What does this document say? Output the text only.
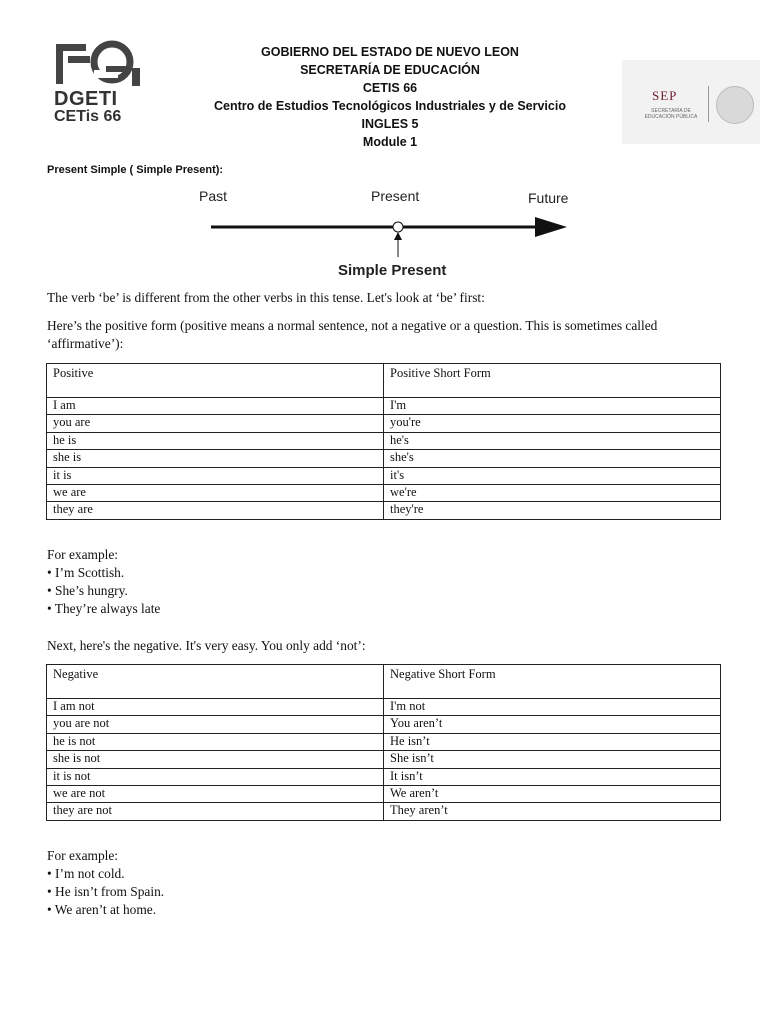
DGETI
CETis 66
GOBIERNO DEL ESTADO DE NUEVO LEON
SECRETARÍA DE EDUCACIÓN
CETIS 66
Centro de Estudios Tecnológicos Industriales y de Servicio
INGLES 5
Module 1
SEP
SECRETARÍA DE EDUCACIÓN PÚBLICA
Present Simple ( Simple Present):
Past	Present	Future
Simple Present
The verb ‘be’ is different from the other verbs in this tense. Let's look at ‘be’ first:
Here’s the positive form (positive means a normal sentence, not a negative or a question. This is sometimes called ‘affirmative’):
Positive	Positive Short Form
I am	I'm
you are	you're
he is	he's
she is	she's
it is	it's
we are	we're
they are	they're
For example:
• I’m Scottish.
• She’s hungry.
• They’re always late
Next, here's the negative. It's very easy. You only add ‘not’:
Negative	Negative Short Form
I am not	I'm not
you are not	You aren’t
he is not	He isn’t
she is not	She isn’t
it is not	It isn’t
we are not	We aren’t
they are not	They aren’t
For example:
• I’m not cold.
• He isn’t from Spain.
• We aren’t at home.
